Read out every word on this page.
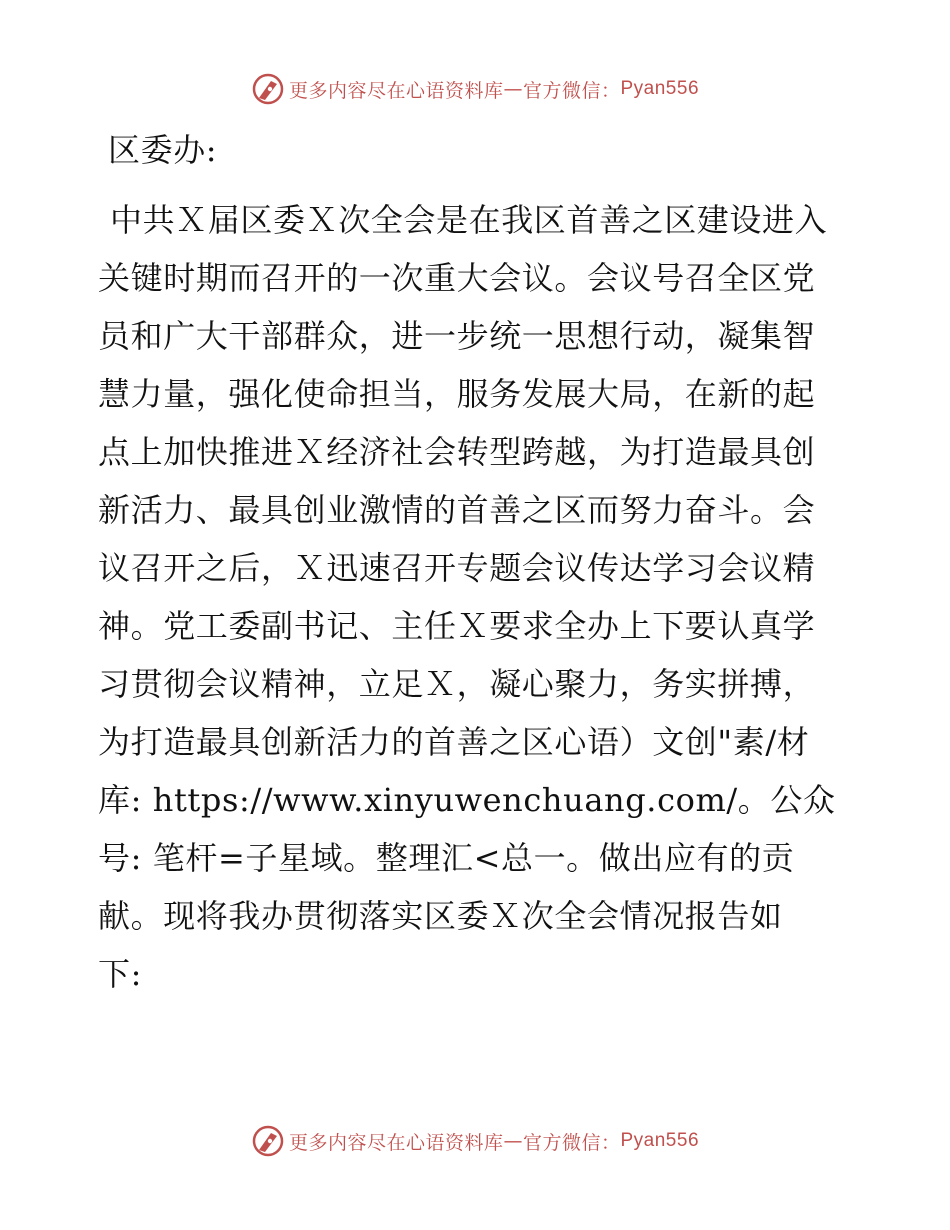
更多内容尽在心语资料库 — 官方微信： Pyan556
区委办:
中共Ｘ届区委Ｘ次全会是在我区首善之区建设进入
关键时期而召开的一次重大会议。会议号召全区党
员和广大干部群众，进一步统一思想行动，凝集智
慧力量，强化使命担当，服务发展大局，在新的起
点上加快推进Ｘ经济社会转型跨越，为打造最具创
新活力、最具创业激情的首善之区而努力奋斗。会
议召开之后，Ｘ迅速召开专题会议传达学习会议精
神。党工委副书记、主任Ｘ要求全办上下要认真学
习贯彻会议精神，立足Ｘ，凝心聚力，务实拼搏，
为打造最具创新活力的首善之区心语）文创"素/材
库: https://www.xinyuwenchuang.com/。公众
号: 笔杆=子星域。整理汇<总一。做出应有的贡
献。现将我办贯彻落实区委Ｘ次全会情况报告如
下:
更多内容尽在心语资料库 — 官方微信： Pyan556
